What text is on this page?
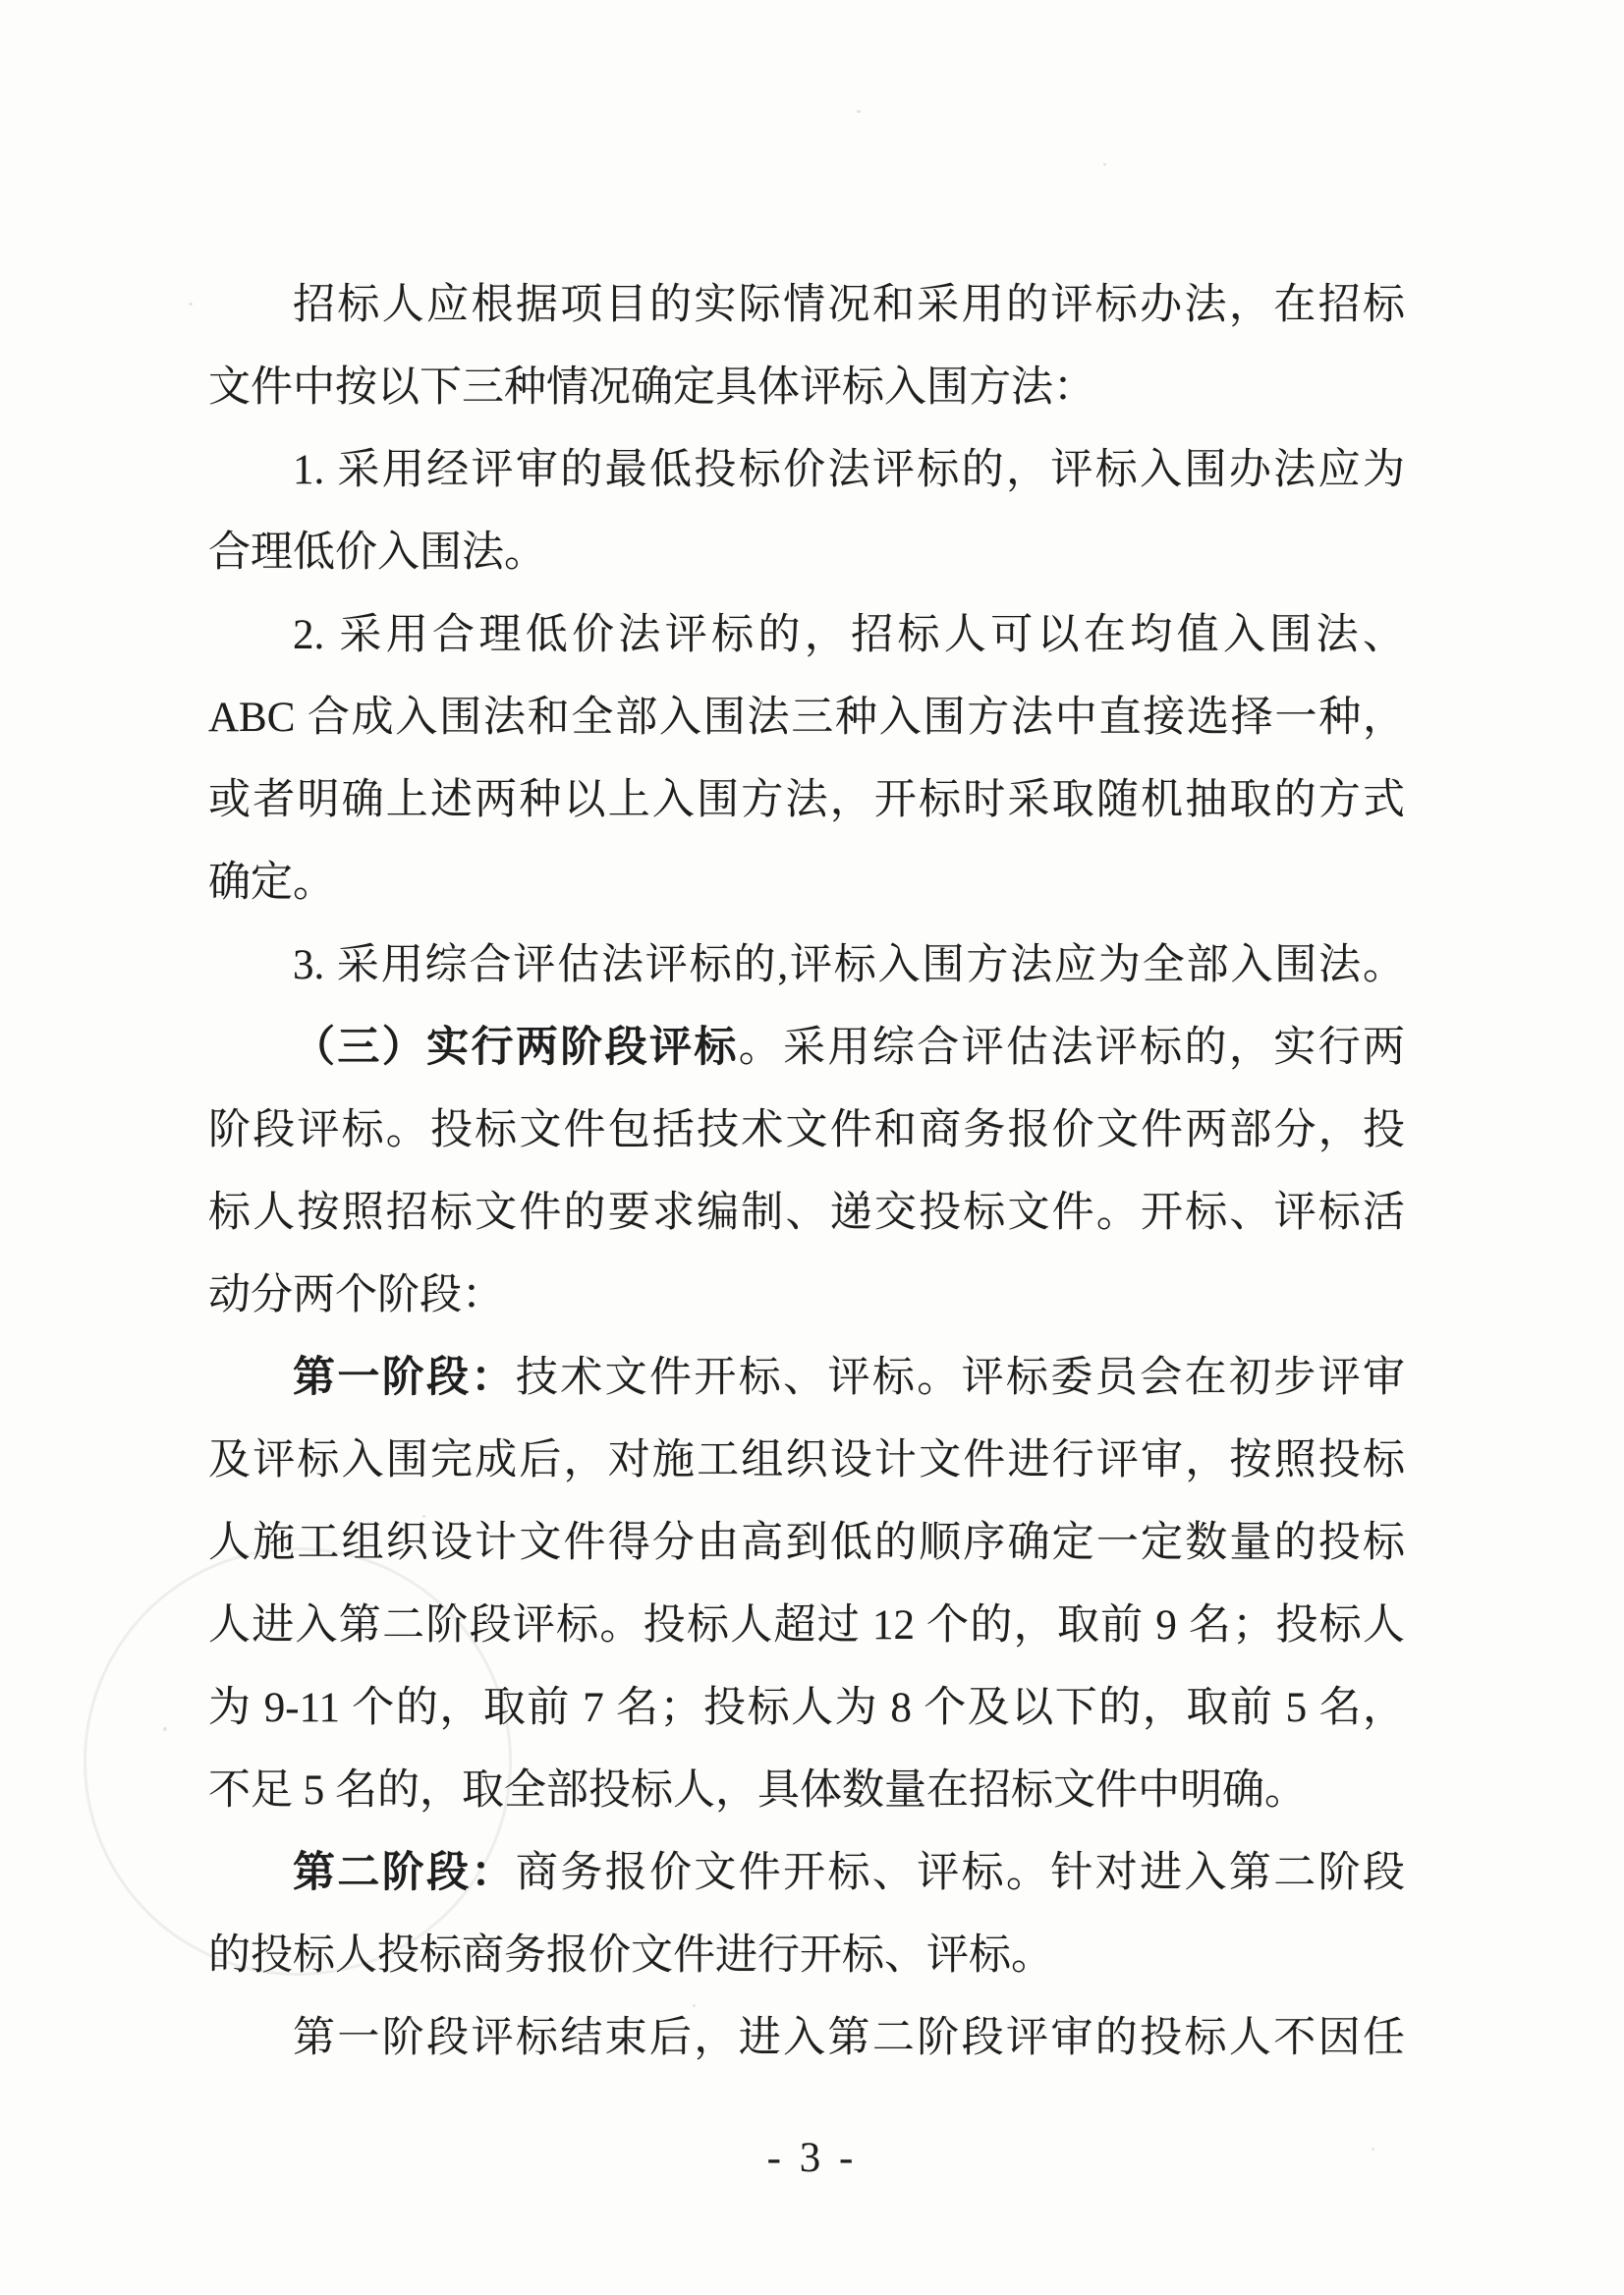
招标人应根据项目的实际情况和采用的评标办法，在招标
文件中按以下三种情况确定具体评标入围方法：
1. 采用经评审的最低投标价法评标的，评标入围办法应为
合理低价入围法。
2. 采用合理低价法评标的，招标人可以在均值入围法、
ABC 合成入围法和全部入围法三种入围方法中直接选择一种，
或者明确上述两种以上入围方法，开标时采取随机抽取的方式
确定。
3. 采用综合评估法评标的,评标入围方法应为全部入围法。
（三）实行两阶段评标。采用综合评估法评标的，实行两
阶段评标。投标文件包括技术文件和商务报价文件两部分，投
标人按照招标文件的要求编制、递交投标文件。开标、评标活
动分两个阶段：
第一阶段：技术文件开标、评标。评标委员会在初步评审
及评标入围完成后，对施工组织设计文件进行评审，按照投标
人施工组织设计文件得分由高到低的顺序确定一定数量的投标
人进入第二阶段评标。投标人超过 12 个的，取前 9 名；投标人
为 9-11 个的，取前 7 名；投标人为 8 个及以下的，取前 5 名，
不足 5 名的，取全部投标人，具体数量在招标文件中明确。
第二阶段：商务报价文件开标、评标。针对进入第二阶段
的投标人投标商务报价文件进行开标、评标。
第一阶段评标结束后，进入第二阶段评审的投标人不因任
- 3 -
